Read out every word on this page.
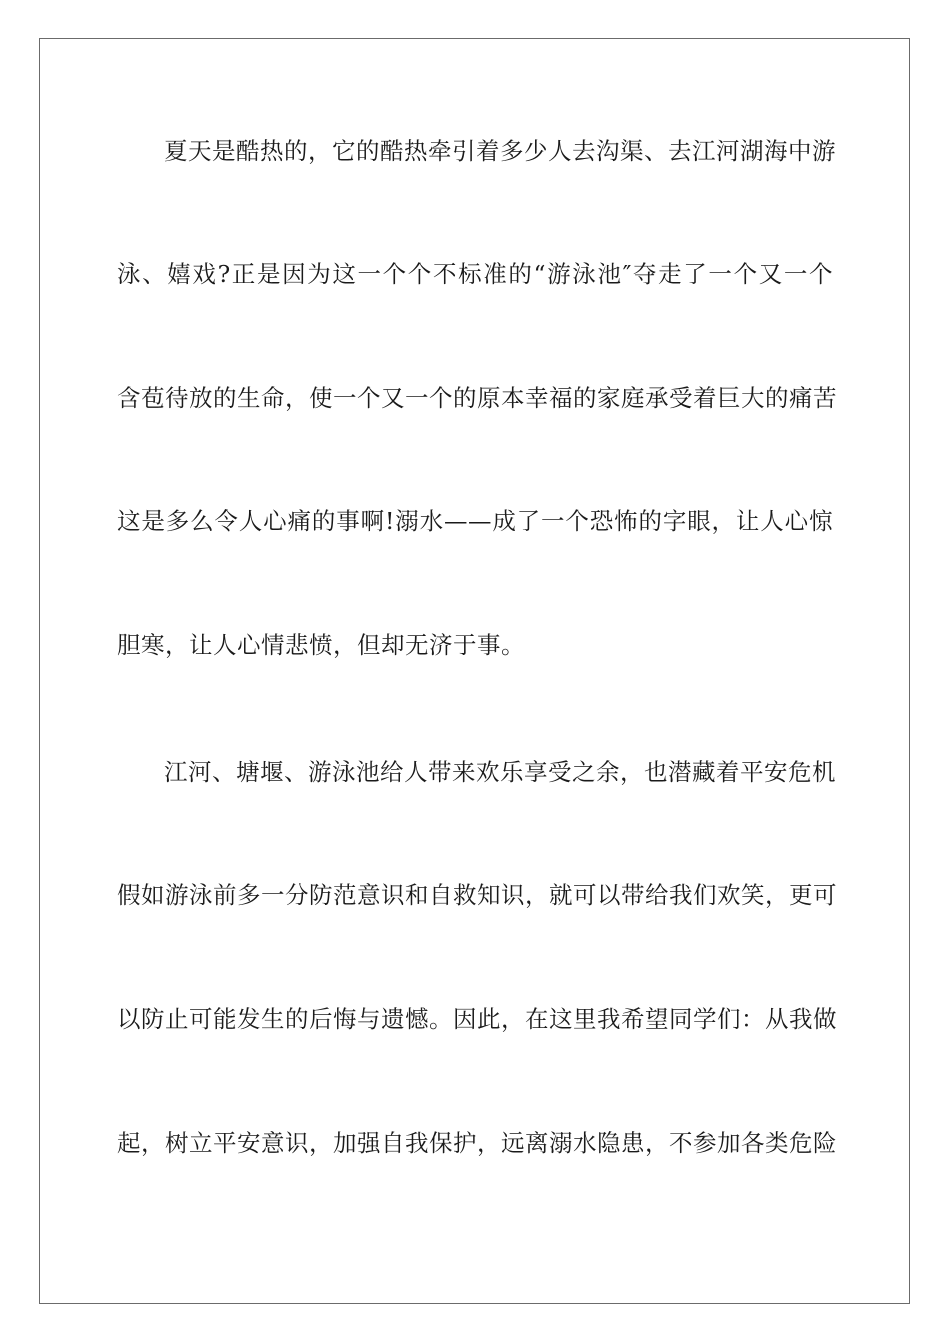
夏天是酷热的，它的酷热牵引着多少人去沟渠、去江河湖海中游
泳、嬉戏?正是因为这一个个不标准的“游泳池″夺走了一个又一个
含苞待放的生命，使一个又一个的原本幸福的家庭承受着巨大的痛苦
这是多么令人心痛的事啊!溺水——成了一个恐怖的字眼，让人心惊
胆寒，让人心情悲愤，但却无济于事。
江河、塘堰、游泳池给人带来欢乐享受之余，也潜藏着平安危机
假如游泳前多一分防范意识和自救知识，就可以带给我们欢笑，更可
以防止可能发生的后悔与遗憾。因此，在这里我希望同学们：从我做
起，树立平安意识，加强自我保护，远离溺水隐患，不参加各类危险
